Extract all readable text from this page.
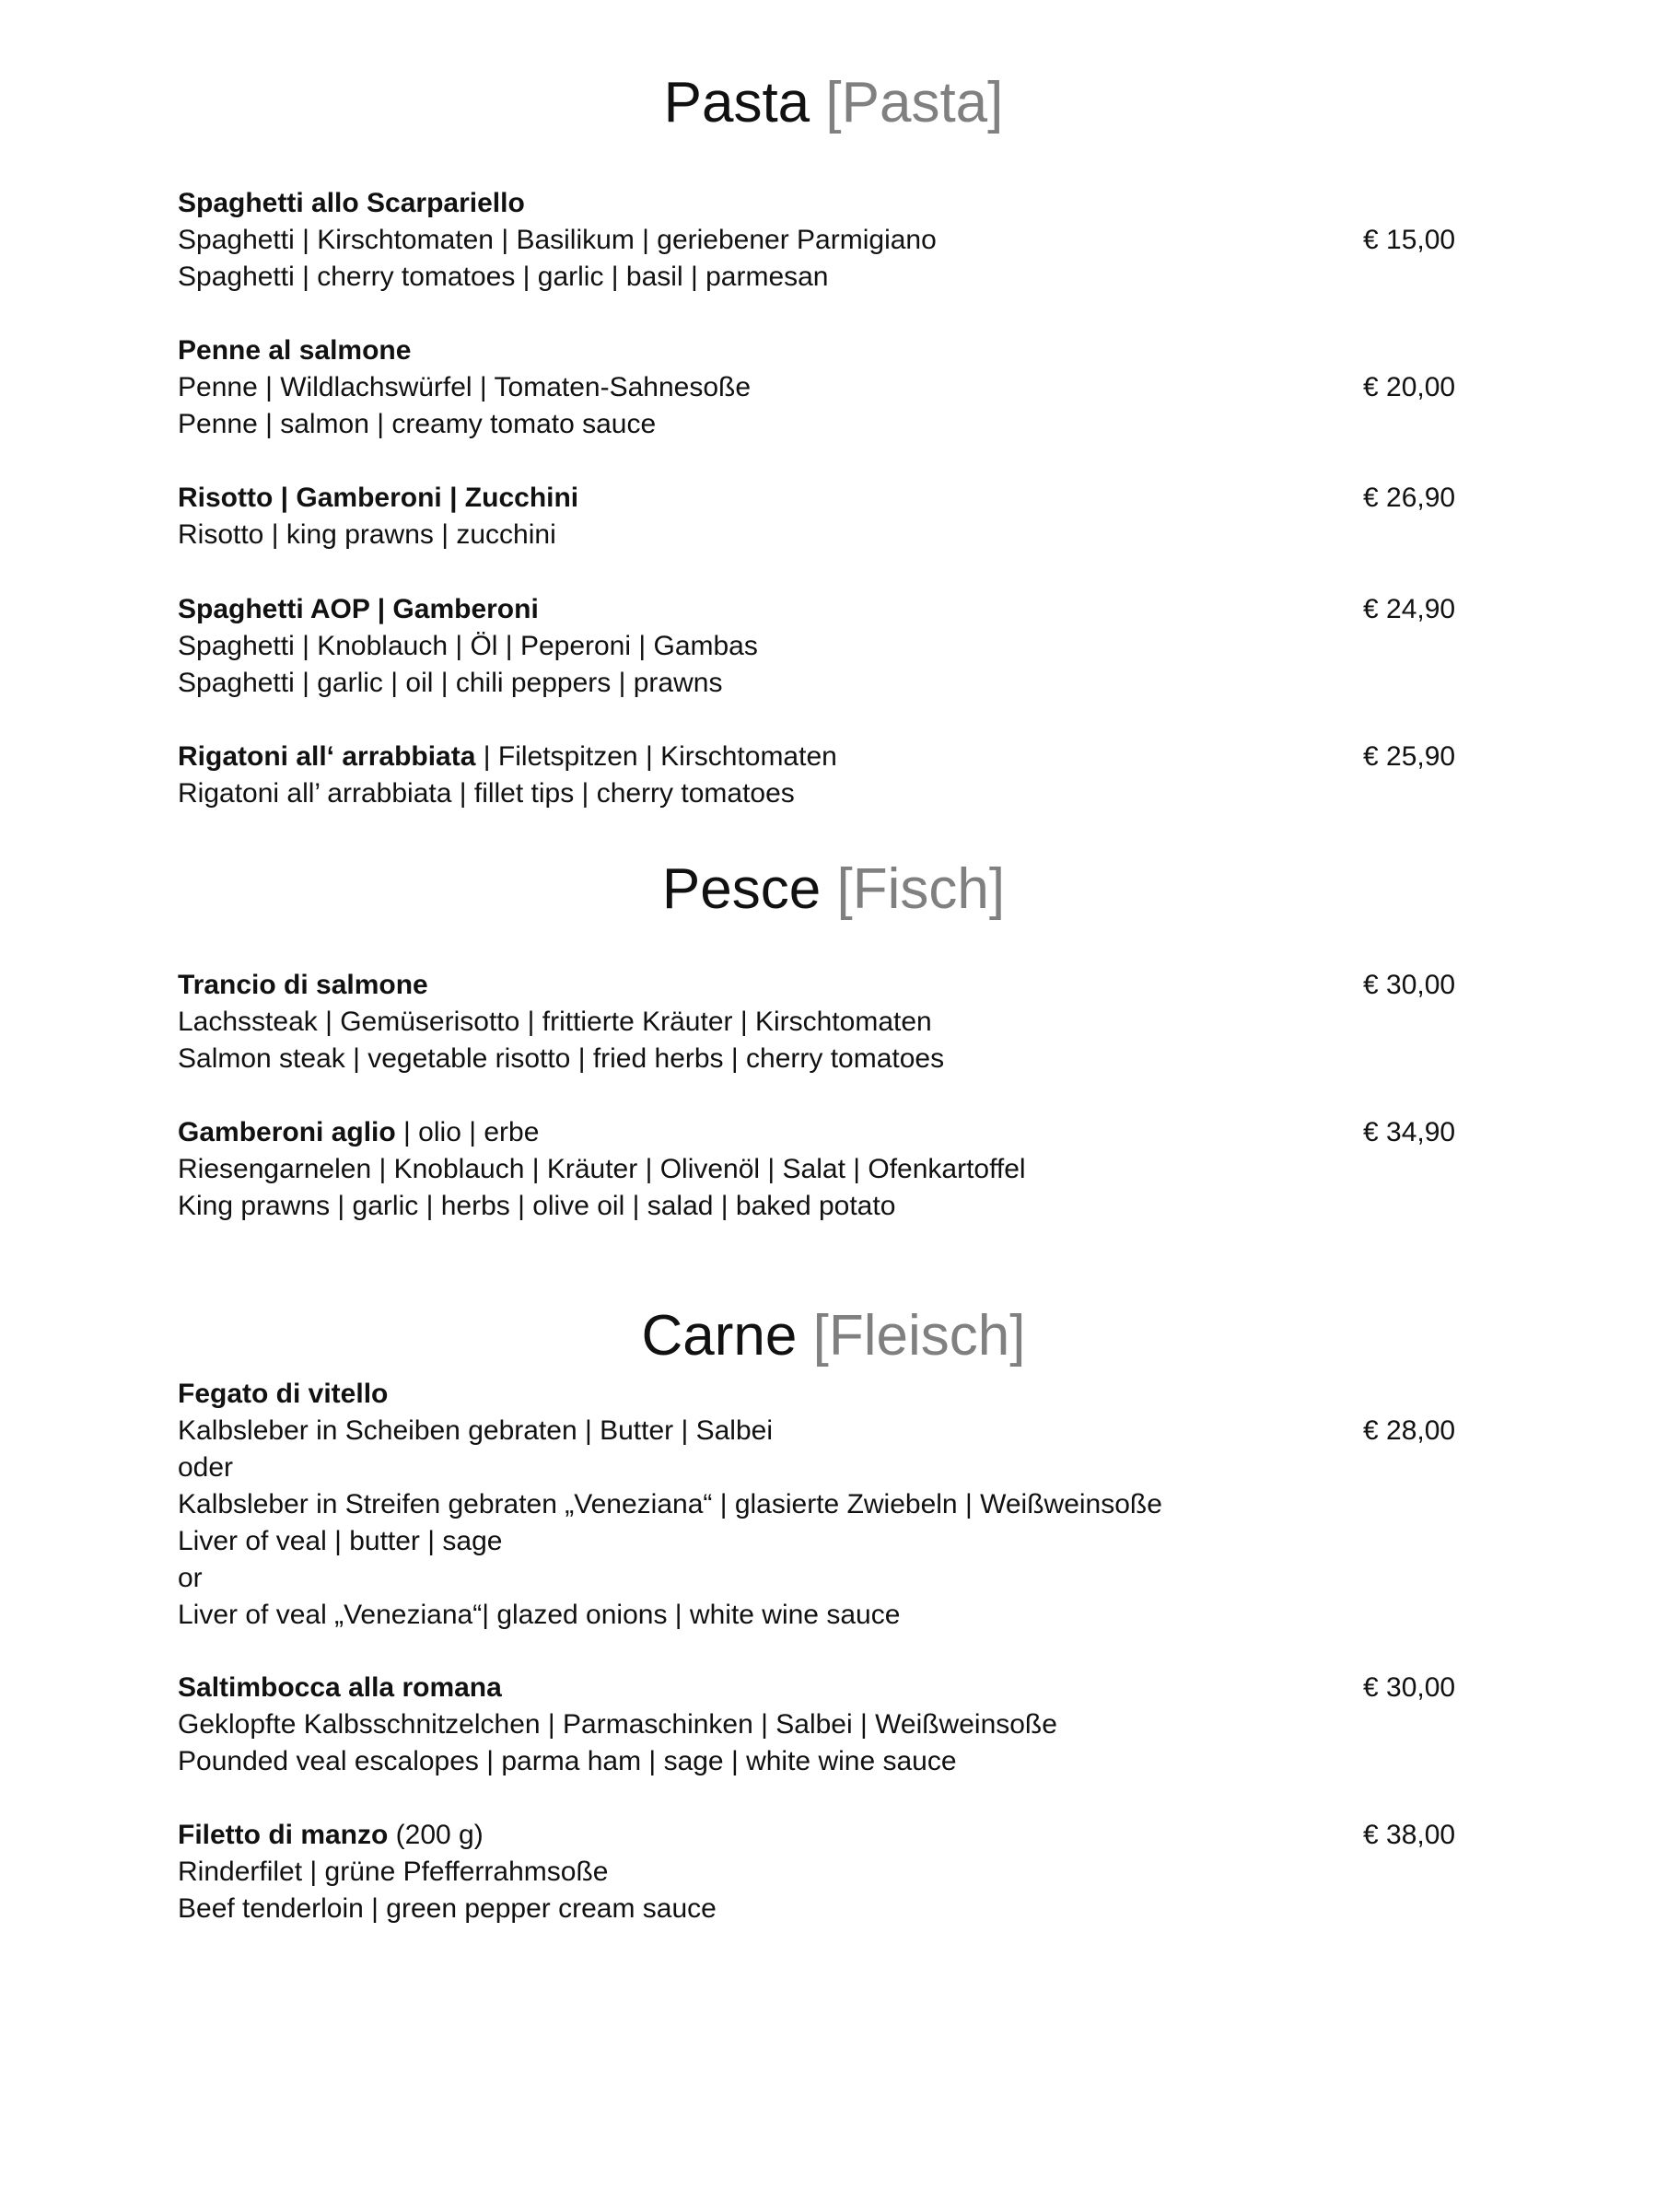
Pasta [Pasta]
Spaghetti allo Scarpariello
Spaghetti | Kirschtomaten | Basilikum | geriebener Parmigiano	€ 15,00
Spaghetti | cherry tomatoes | garlic | basil | parmesan
Penne al salmone
Penne | Wildlachswürfel | Tomaten-Sahnesoße	€ 20,00
Penne | salmon | creamy tomato sauce
Risotto | Gamberoni | Zucchini	€ 26,90
Risotto | king prawns | zucchini
Spaghetti AOP | Gamberoni	€ 24,90
Spaghetti | Knoblauch | Öl | Peperoni | Gambas
Spaghetti | garlic | oil | chili peppers | prawns
Rigatoni all‘ arrabbiata | Filetspitzen | Kirschtomaten	€ 25,90
Rigatoni all’ arrabbiata | fillet tips | cherry tomatoes
Pesce [Fisch]
Trancio di salmone	€ 30,00
Lachssteak | Gemüserisotto | frittierte Kräuter | Kirschtomaten
Salmon steak | vegetable risotto | fried herbs | cherry tomatoes
Gamberoni aglio | olio | erbe	€ 34,90
Riesengarnelen | Knoblauch | Kräuter | Olivenöl | Salat | Ofenkartoffel
King prawns | garlic | herbs | olive oil | salad | baked potato
Carne [Fleisch]
Fegato di vitello
Kalbsleber in Scheiben gebraten | Butter | Salbei	€ 28,00
oder
Kalbsleber in Streifen gebraten „Veneziana“ | glasierte Zwiebeln | Weißweinsoße
Liver of veal | butter | sage
or
Liver of veal „Veneziana“| glazed onions | white wine sauce
Saltimbocca alla romana	€ 30,00
Geklopfte Kalbsschnitzelchen | Parmaschinken | Salbei | Weißweinsoße
Pounded veal escalopes | parma ham | sage | white wine sauce
Filetto di manzo (200 g)	€ 38,00
Rinderfilet | grüne Pfefferrahmsoße
Beef tenderloin | green pepper cream sauce
